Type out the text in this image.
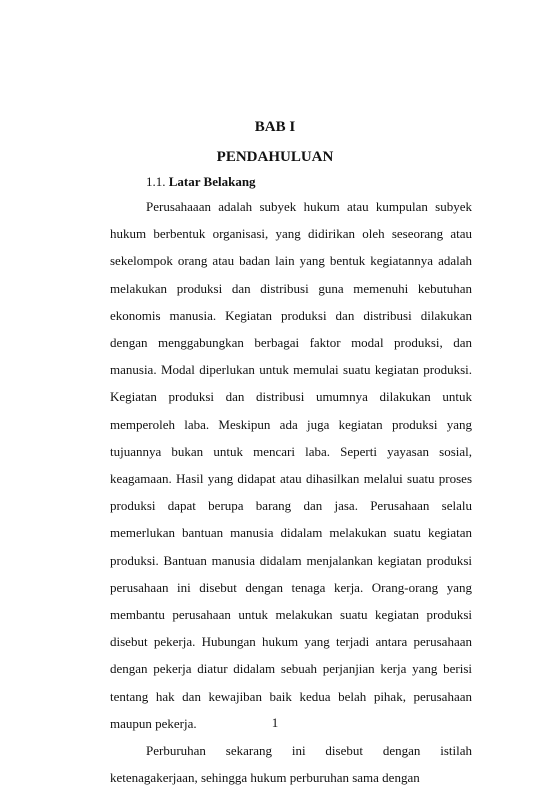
BAB I
PENDAHULUAN
1.1. Latar Belakang

Perusahaaan adalah subyek hukum atau kumpulan subyek hukum berbentuk organisasi, yang didirikan oleh seseorang atau sekelompok orang atau badan lain yang bentuk kegiatannya adalah melakukan produksi dan distribusi guna memenuhi kebutuhan ekonomis manusia. Kegiatan produksi dan distribusi dilakukan dengan menggabungkan berbagai faktor modal produksi, dan manusia. Modal diperlukan untuk memulai suatu kegiatan produksi. Kegiatan produksi dan distribusi umumnya dilakukan untuk memperoleh laba. Meskipun ada juga kegiatan produksi yang tujuannya bukan untuk mencari laba. Seperti yayasan sosial, keagamaan. Hasil yang didapat atau dihasilkan melalui suatu proses produksi dapat berupa barang dan jasa. Perusahaan selalu memerlukan bantuan manusia didalam melakukan suatu kegiatan produksi. Bantuan manusia didalam menjalankan kegiatan produksi perusahaan ini disebut dengan tenaga kerja. Orang-orang yang membantu perusahaan untuk melakukan suatu kegiatan produksi disebut pekerja. Hubungan hukum yang terjadi antara perusahaan dengan pekerja diatur didalam sebuah perjanjian kerja yang berisi tentang hak dan kewajiban baik kedua belah pihak, perusahaan maupun pekerja.

Perburuhan sekarang ini disebut dengan istilah ketenagakerjaan, sehingga hukum perburuhan sama dengan

1
